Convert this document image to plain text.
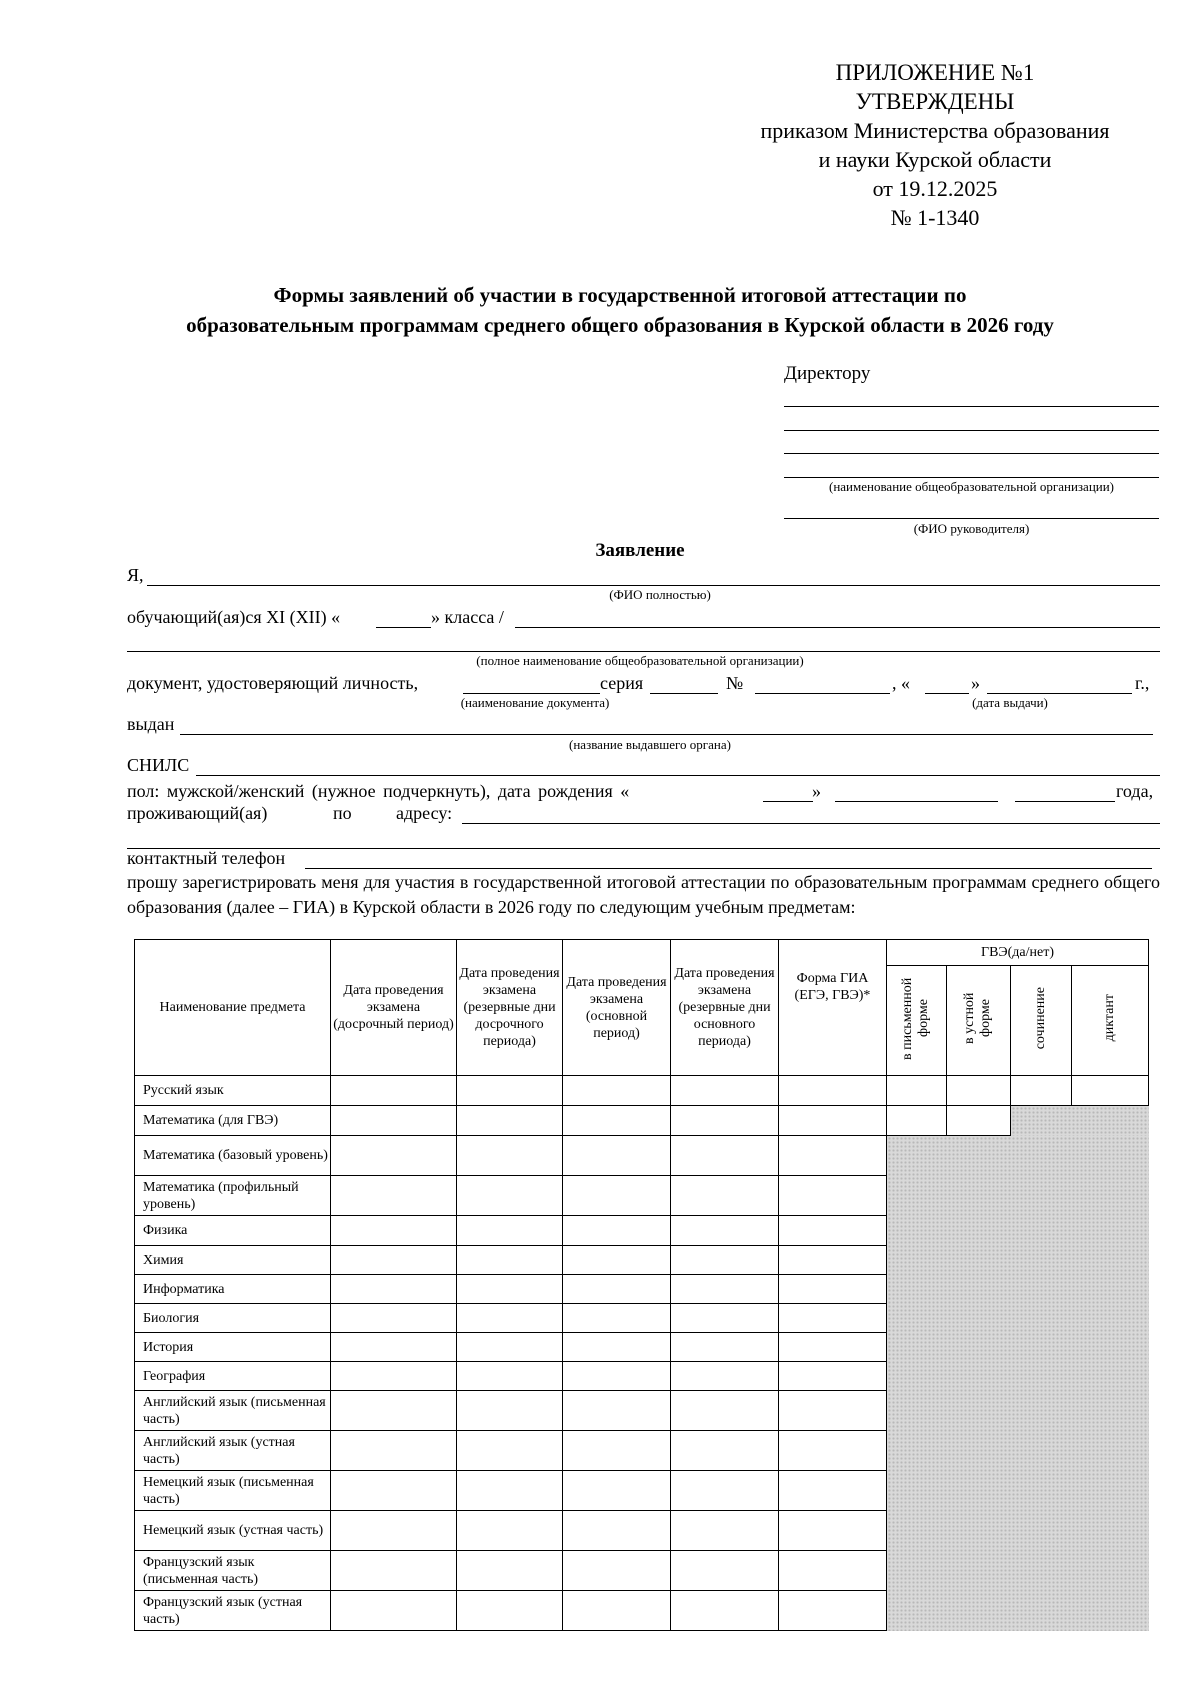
ПРИЛОЖЕНИЕ №1
УТВЕРЖДЕНЫ
приказом Министерства образования
и науки Курской области
от 19.12.2025
№ 1-1340
Формы заявлений об участии в государственной итоговой аттестации по
образовательным программам среднего общего образования в Курской области в 2026 году
Директору
(наименование общеобразовательной организации)
(ФИО руководителя)
Заявление
Я,
(ФИО полностью)
обучающий(ая)ся XI (XII) «	» класса /
(полное наименование общеобразовательной организации)
документ, удостоверяющий личность,	серия	№	, «	»	г.,
(наименование документа)	(дата выдачи)
выдан
(название выдавшего органа)
СНИЛС
пол: мужской/женский (нужное подчеркнуть), дата рождения «	»	года,
проживающий(ая)	по адресу:
контактный телефон
прошу зарегистрировать меня для участия в государственной итоговой аттестации по образовательным программам среднего общего образования (далее – ГИА) в Курской области в 2026 году по следующим учебным предметам:
Наименование предмета	Дата проведения экзамена (досрочный период)	Дата проведения экзамена (резервные дни досрочного периода)	Дата проведения экзамена (основной период)	Дата проведения экзамена (резервные дни основного периода)	Форма ГИА (ЕГЭ, ГВЭ)*	ГВЭ(да/нет)			
						в письменной форме	в устной форме	сочинение	диктант
Русский язык									
Математика (для ГВЭ)									
Математика (базовый уровень)									
Математика (профильный уровень)									
Физика									
Химия									
Информатика									
Биология									
История									
География									
Английский язык (письменная часть)									
Английский язык (устная часть)									
Немецкий язык (письменная часть)									
Немецкий язык (устная часть)									
Французский язык (письменная часть)									
Французский язык (устная часть)									
